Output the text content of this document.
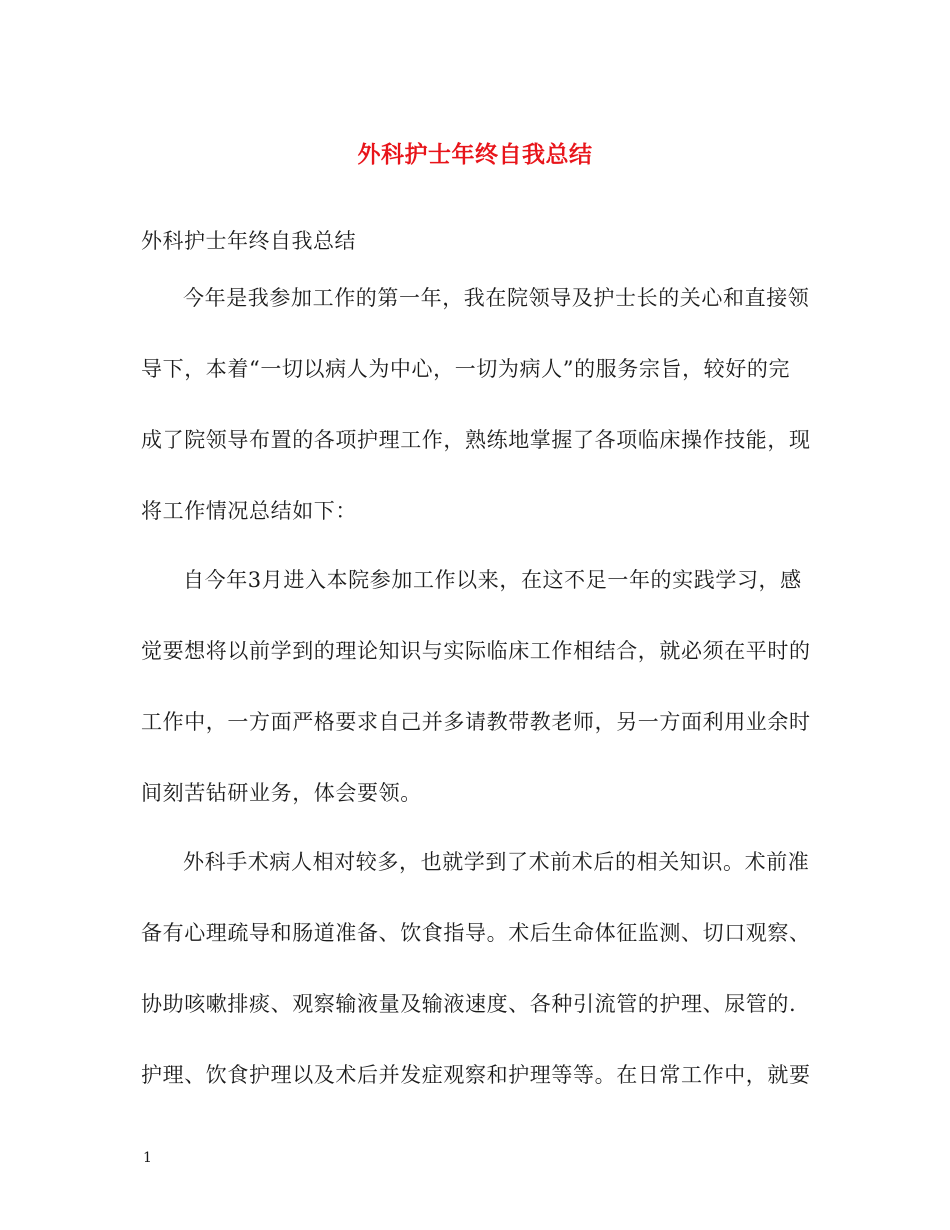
外科护士年终自我总结
外科护士年终自我总结
今年是我参加工作的第一年，我在院领导及护士长的关心和直接领
导下，本着“一切以病人为中心，一切为病人”的服务宗旨，较好的完
成了院领导布置的各项护理工作，熟练地掌握了各项临床操作技能，现
将工作情况总结如下：
自今年3月进入本院参加工作以来，在这不足一年的实践学习，感
觉要想将以前学到的理论知识与实际临床工作相结合，就必须在平时的
工作中，一方面严格要求自己并多请教带教老师，另一方面利用业余时
间刻苦钻研业务，体会要领。
外科手术病人相对较多，也就学到了术前术后的相关知识。术前准
备有心理疏导和肠道准备、饮食指导。术后生命体征监测、切口观察、
协助咳嗽排痰、观察输液量及输液速度、各种引流管的护理、尿管的.
护理、饮食护理以及术后并发症观察和护理等等。在日常工作中，就要
1
